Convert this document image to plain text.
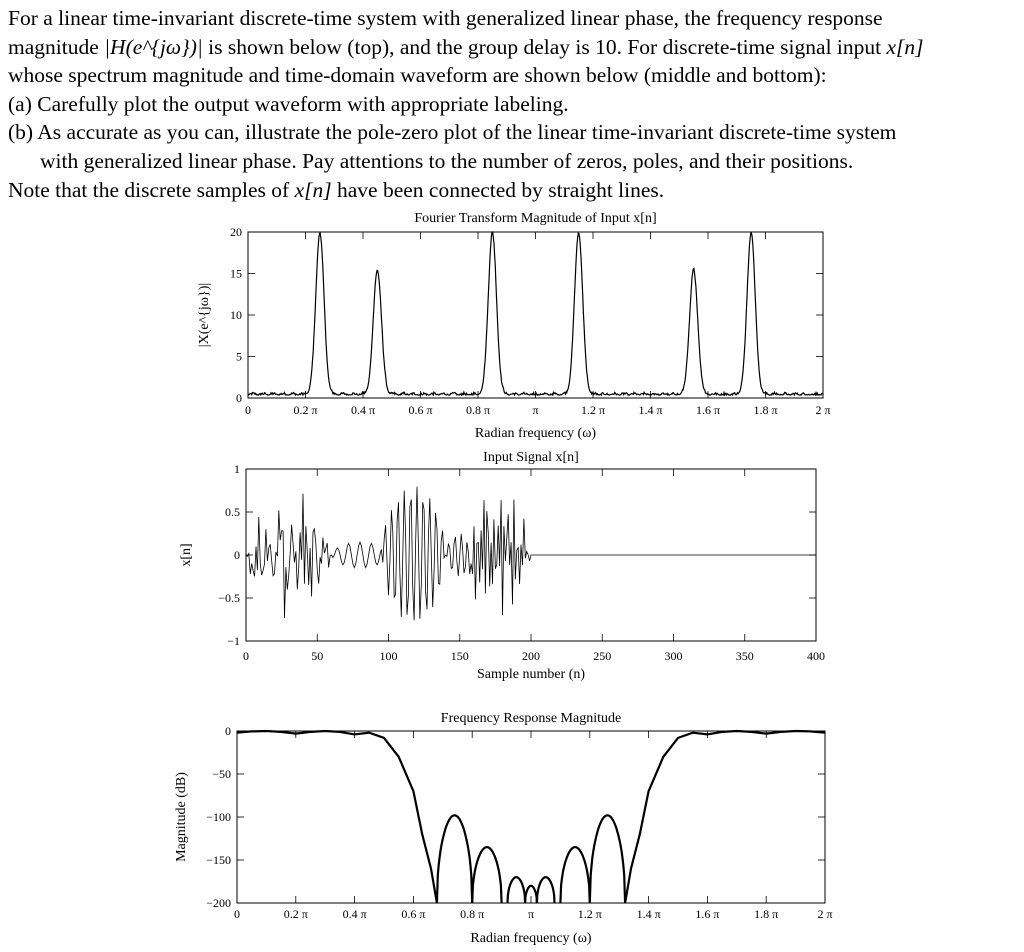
For a linear time-invariant discrete-time system with generalized linear phase, the frequency response

magnitude |H(e^{jω})| is shown below (top), and the group delay is 10. For discrete-time signal input x[n]

whose spectrum magnitude and time-domain waveform are shown below (middle and bottom):

(a) Carefully plot the output waveform with appropriate labeling.

(b) As accurate as you can, illustrate the pole-zero plot of the linear time-invariant discrete-time system

with generalized linear phase. Pay attentions to the number of zeros, poles, and their positions.

Note that the discrete samples of x[n] have been connected by straight lines.

Fourier Transform Magnitude of Input x[n]
Radian frequency (ω)
|X(e^{jω})|
0	0.2 π	0.4 π	0.6 π	0.8 π	π	1.2 π	1.4 π	1.6 π	1.8 π	2 π
0
5
10
15
20
Input Signal x[n]
Sample number (n)
x[n]
0	50	100	150	200	250	300	350	400
−1
−0.5
0
0.5
1
Frequency Response Magnitude
Radian frequency (ω)
Magnitude (dB)
0	0.2 π	0.4 π	0.6 π	0.8 π	π	1.2 π	1.4 π	1.6 π	1.8 π	2 π
0
−50
−100
−150
−200
